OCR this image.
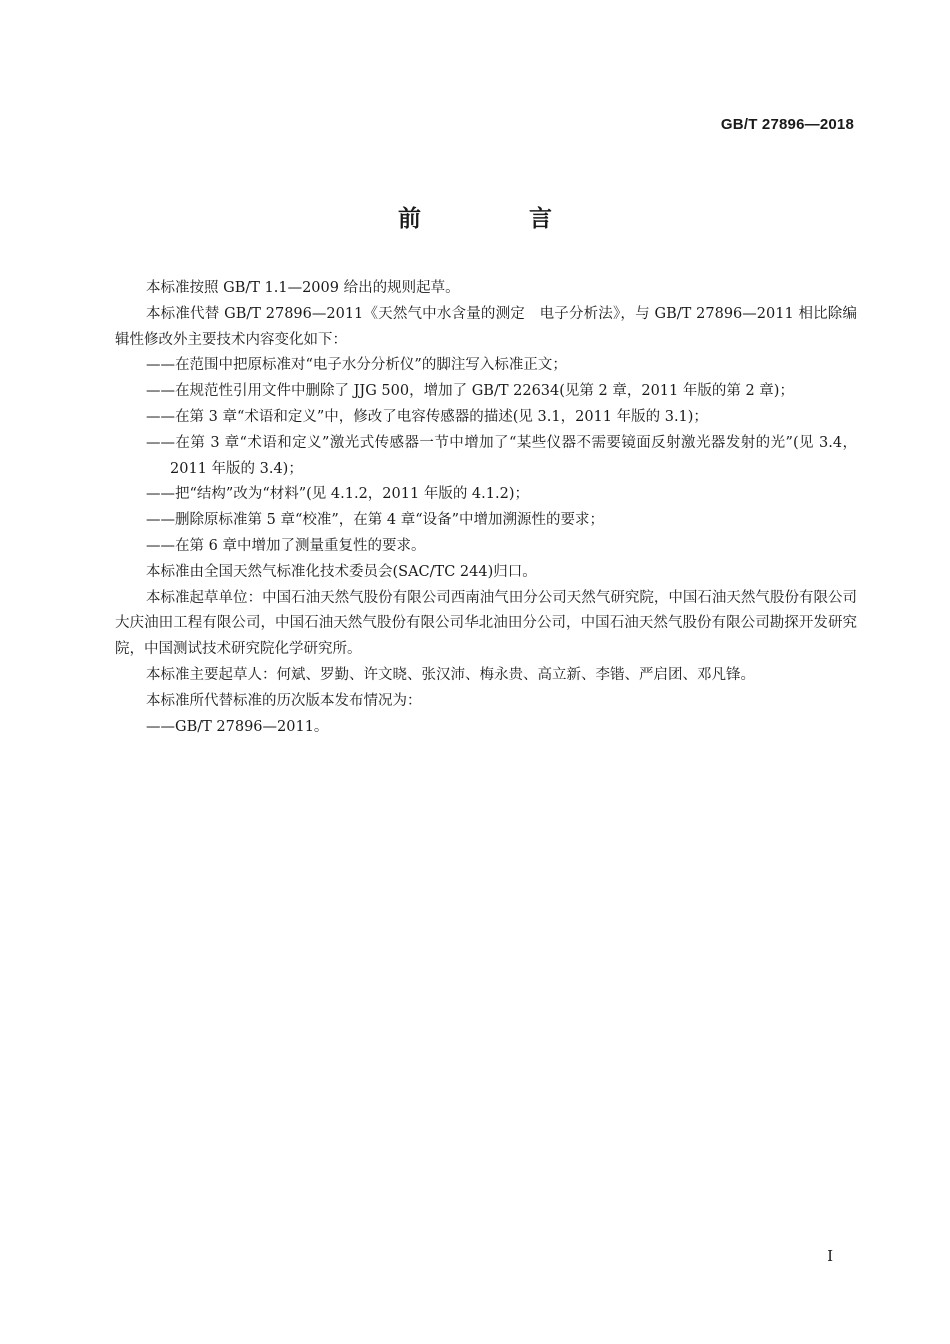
GB/T 27896—2018
前 言

本标准按照 GB/T 1.1—2009 给出的规则起草。

本标准代替 GB/T 27896—2011《天然气中水含量的测定　电子分析法》，与 GB/T 27896—2011 相比除编辑性修改外主要技术内容变化如下：

——在范围中把原标准对“电子水分分析仪”的脚注写入标准正文；

——在规范性引用文件中删除了 JJG 500，增加了 GB/T 22634(见第 2 章，2011 年版的第 2 章)；

——在第 3 章“术语和定义”中，修改了电容传感器的描述(见 3.1，2011 年版的 3.1)；

——在第 3 章“术语和定义”激光式传感器一节中增加了“某些仪器不需要镜面反射激光器发射的光”(见 3.4，2011 年版的 3.4)；

——把“结构”改为“材料”(见 4.1.2，2011 年版的 4.1.2)；

——删除原标准第 5 章“校准”，在第 4 章“设备”中增加溯源性的要求；

——在第 6 章中增加了测量重复性的要求。

本标准由全国天然气标准化技术委员会(SAC/TC 244)归口。

本标准起草单位：中国石油天然气股份有限公司西南油气田分公司天然气研究院，中国石油天然气股份有限公司大庆油田工程有限公司，中国石油天然气股份有限公司华北油田分公司，中国石油天然气股份有限公司勘探开发研究院，中国测试技术研究院化学研究所。

本标准主要起草人：何斌、罗勤、许文晓、张汉沛、梅永贵、高立新、李锴、严启团、邓凡锋。

本标准所代替标准的历次版本发布情况为：

——GB/T 27896—2011。

I
